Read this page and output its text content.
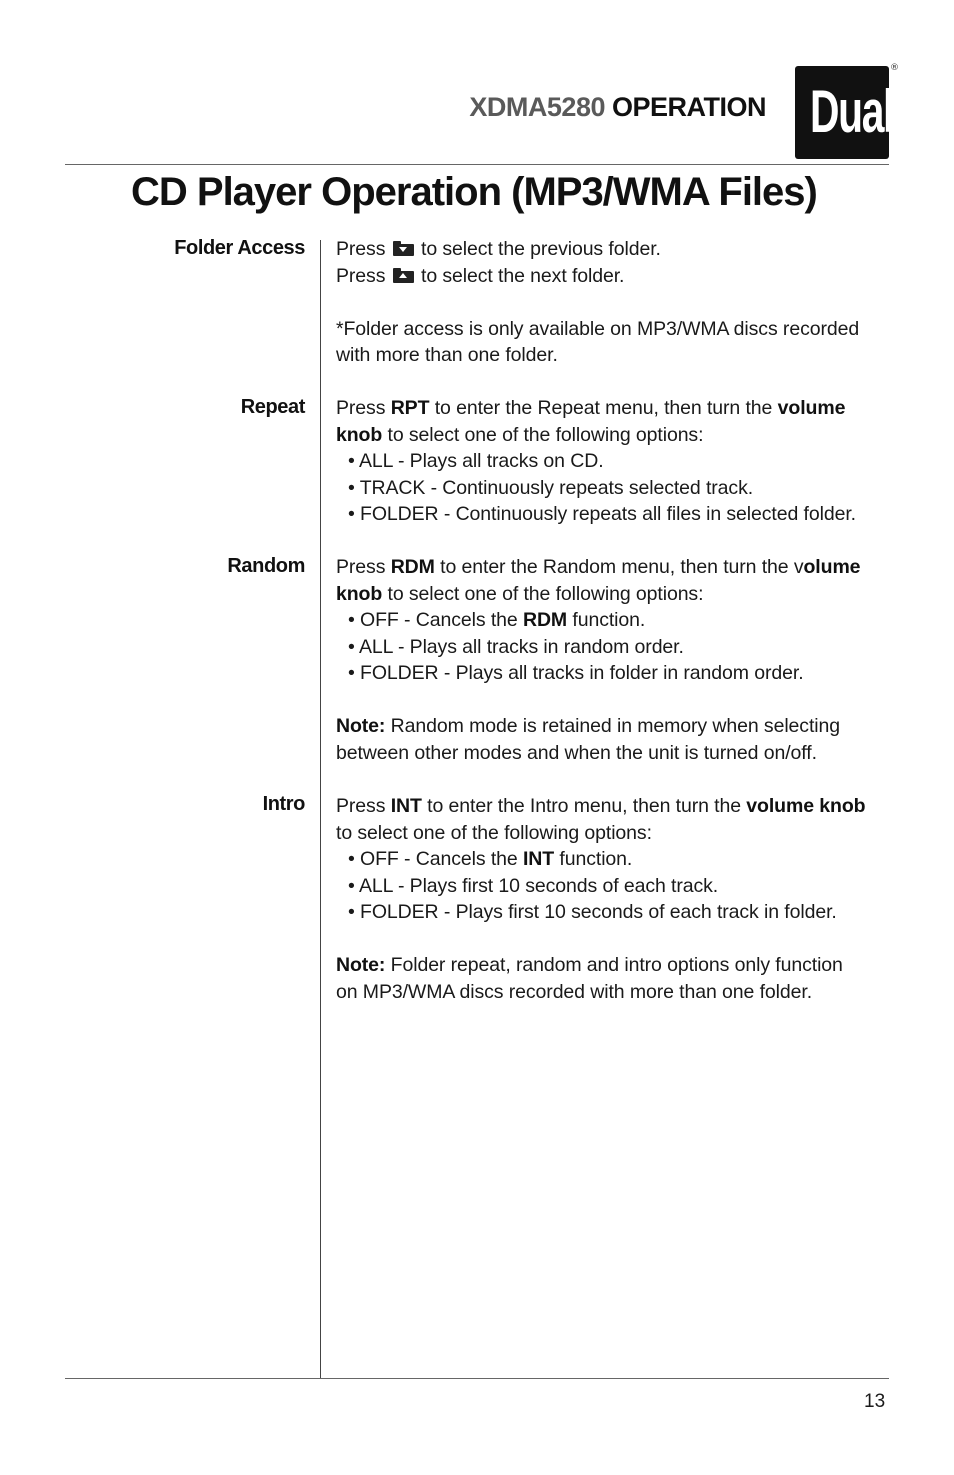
XDMA5280 OPERATION Dual
®
CD Player Operation (MP3/WMA Files)
Folder Access Press to select the previous folder.

Press to select the next folder.

*Folder access is only available on MP3/WMA discs recorded

with more than one folder.

Repeat Press RPT to enter the Repeat menu, then turn the volume

knob to select one of the following options:

• ALL - Plays all tracks on CD.

• TRACK - Continuously repeats selected track.

• FOLDER - Continuously repeats all files in selected folder.

Random Press RDM to enter the Random menu, then turn the volume

knob to select one of the following options:

• OFF - Cancels the RDM function.

• ALL - Plays all tracks in random order.

• FOLDER - Plays all tracks in folder in random order.

Note: Random mode is retained in memory when selecting

between other modes and when the unit is turned on/off.

Intro Press INT to enter the Intro menu, then turn the volume knob

to select one of the following options:

• OFF - Cancels the INT function.

• ALL - Plays first 10 seconds of each track.

• FOLDER - Plays first 10 seconds of each track in folder.

Note: Folder repeat, random and intro options only function

on MP3/WMA discs recorded with more than one folder.

13
